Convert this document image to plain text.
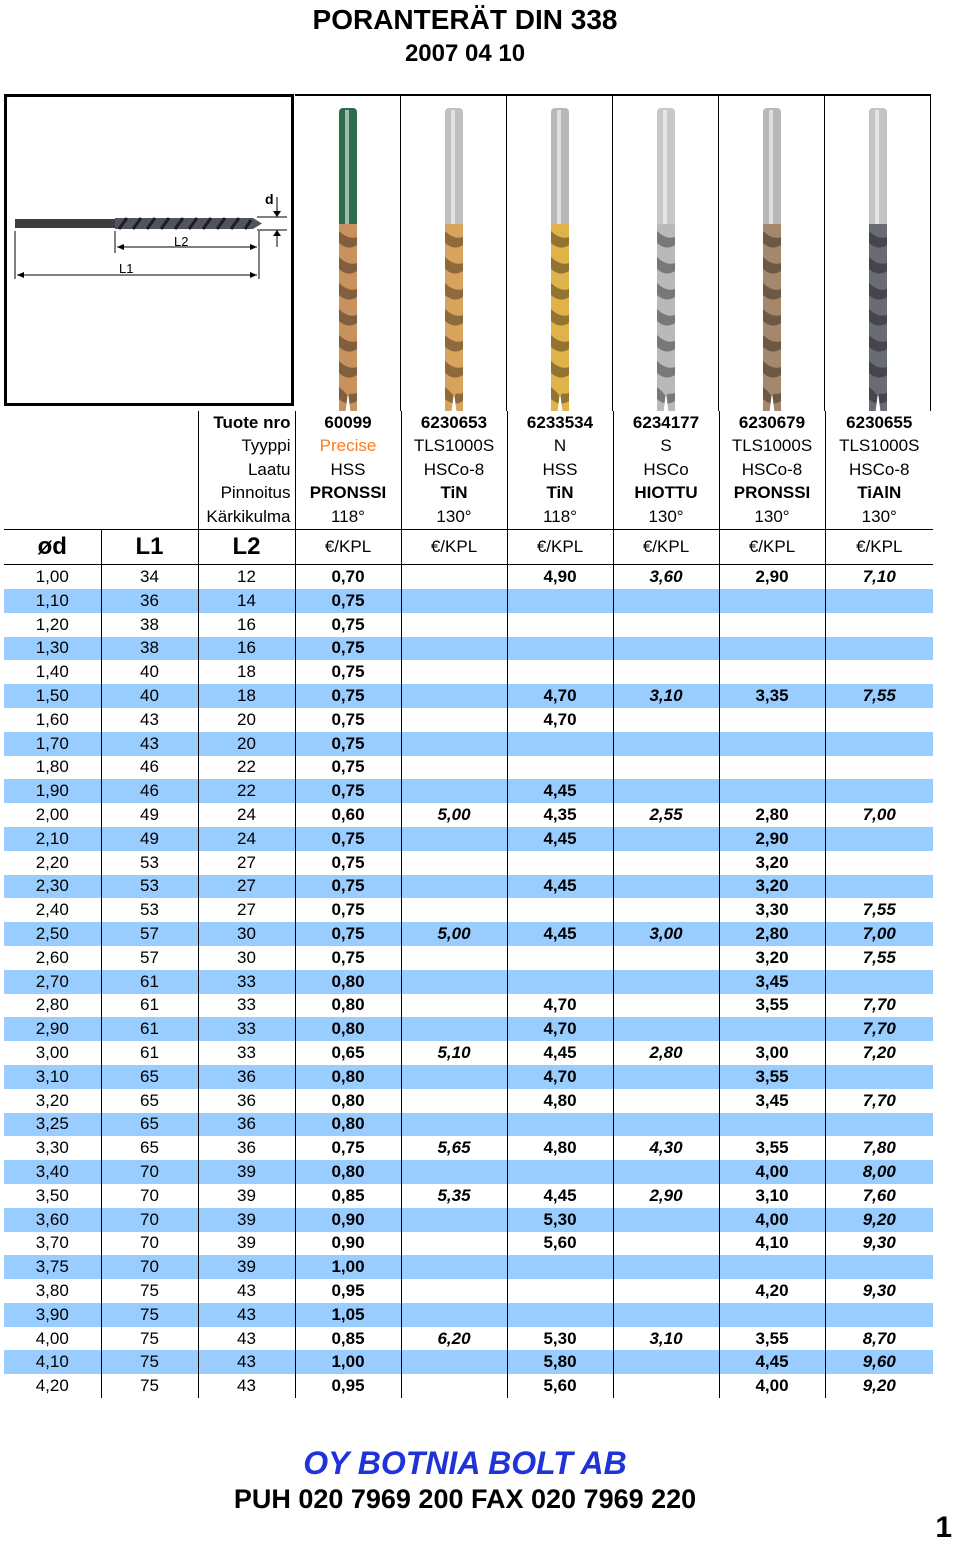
PORANTERÄT DIN 338
2007 04 10
d
L2
L1
		Tuote nro	60099	6230653	6233534	6234177	6230679	6230655
		Tyyppi	Precise	TLS1000S	N	S	TLS1000S	TLS1000S
		Laatu	HSS	HSCo-8	HSS	HSCo	HSCo-8	HSCo-8
		Pinnoitus	PRONSSI	TiN	TiN	HIOTTU	PRONSSI	TiAlN
		Kärkikulma	118°	130°	118°	130°	130°	130°
ød	L1	L2	€/KPL	€/KPL	€/KPL	€/KPL	€/KPL	€/KPL
1,00	34	12	0,70		4,90	3,60	2,90	7,10
1,10	36	14	0,75					
1,20	38	16	0,75					
1,30	38	16	0,75					
1,40	40	18	0,75					
1,50	40	18	0,75		4,70	3,10	3,35	7,55
1,60	43	20	0,75		4,70			
1,70	43	20	0,75					
1,80	46	22	0,75					
1,90	46	22	0,75		4,45			
2,00	49	24	0,60	5,00	4,35	2,55	2,80	7,00
2,10	49	24	0,75		4,45		2,90	
2,20	53	27	0,75				3,20	
2,30	53	27	0,75		4,45		3,20	
2,40	53	27	0,75				3,30	7,55
2,50	57	30	0,75	5,00	4,45	3,00	2,80	7,00
2,60	57	30	0,75				3,20	7,55
2,70	61	33	0,80				3,45	
2,80	61	33	0,80		4,70		3,55	7,70
2,90	61	33	0,80		4,70			7,70
3,00	61	33	0,65	5,10	4,45	2,80	3,00	7,20
3,10	65	36	0,80		4,70		3,55	
3,20	65	36	0,80		4,80		3,45	7,70
3,25	65	36	0,80					
3,30	65	36	0,75	5,65	4,80	4,30	3,55	7,80
3,40	70	39	0,80				4,00	8,00
3,50	70	39	0,85	5,35	4,45	2,90	3,10	7,60
3,60	70	39	0,90		5,30		4,00	9,20
3,70	70	39	0,90		5,60		4,10	9,30
3,75	70	39	1,00					
3,80	75	43	0,95				4,20	9,30
3,90	75	43	1,05					
4,00	75	43	0,85	6,20	5,30	3,10	3,55	8,70
4,10	75	43	1,00		5,80		4,45	9,60
4,20	75	43	0,95		5,60		4,00	9,20
OY BOTNIA BOLT AB
PUH 020 7969 200 FAX 020 7969 220
1
